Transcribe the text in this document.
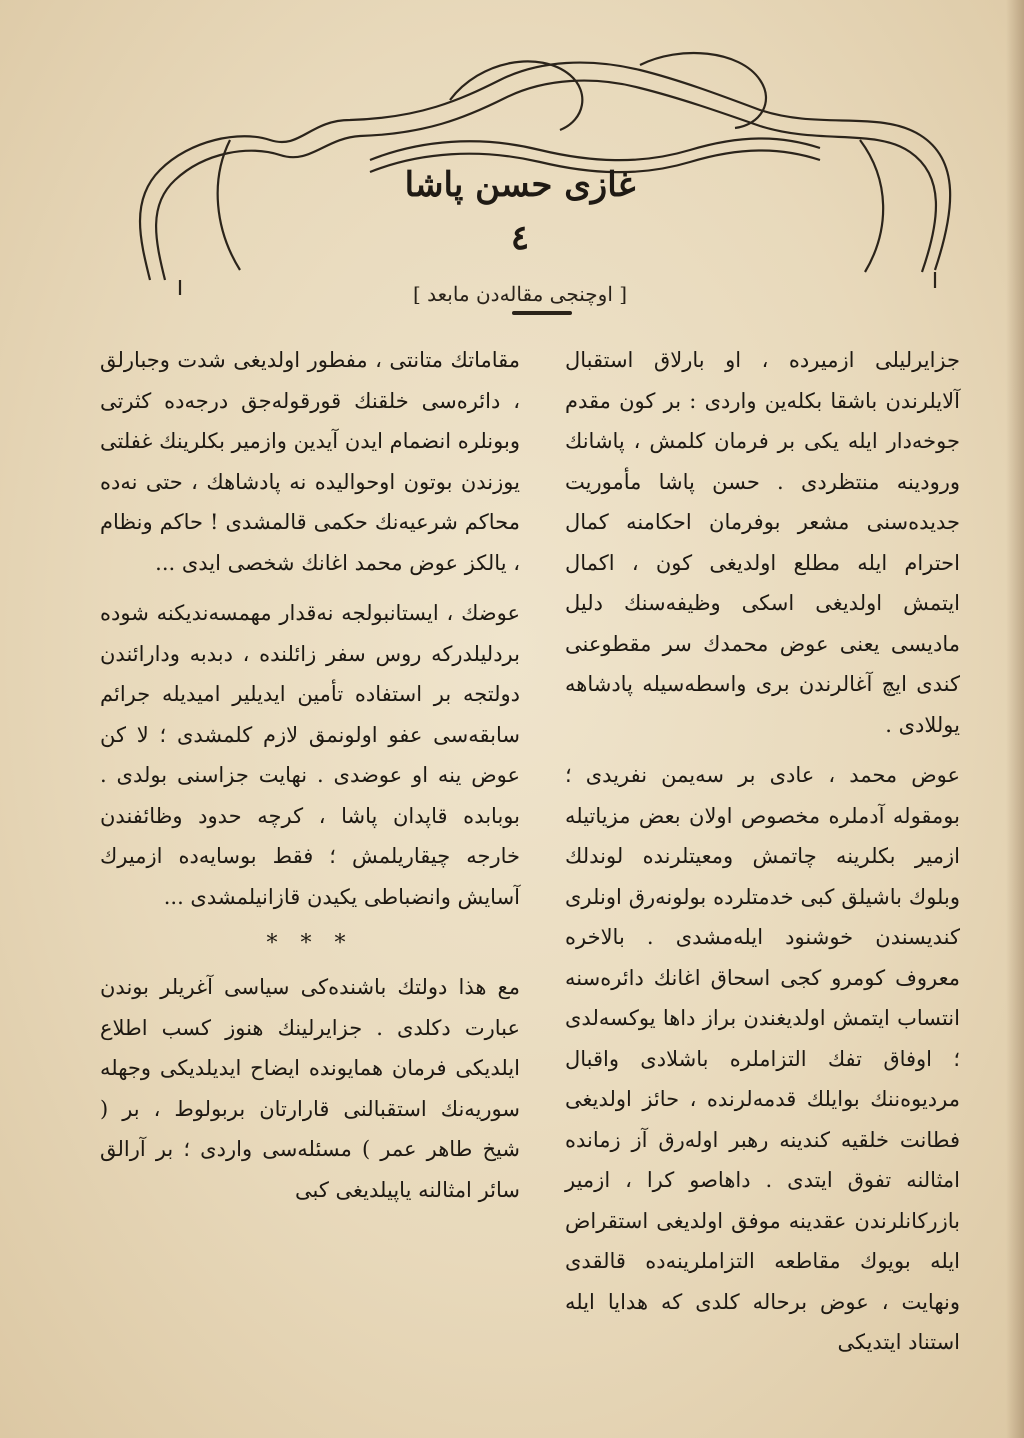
غازی حسن پاشا
٤
[ اوچنجی مقالەدن مابعد ]

جزایرلیلی ازمیردە ، او بارلاق استقبال آلایلرندن باشقا بکلەین واردی : بر کون مقدم جوخەدار ایلە یکی بر فرمان کلمش ، پاشانك ورودینە منتظردی . حسن پاشا مأموریت جدیدەسنی مشعر بوفرمان احکامنە کمال احترام ایلە مطلع اولدیغی کون ، اکمال ایتمش اولدیغی اسکی وظیفەسنك دلیل مادیسی یعنی عوض محمدك سر مقطوعنی کندی ایچ آغالرندن بری واسطەسیلە پادشاهە یوللادی .

عوض محمد ، عادی بر سەیمن نفریدی ؛ بومقولە آدملرە مخصوص اولان بعض مزیاتیلە ازمیر بکلرینە چاتمش ومعیتلرندە لوندلك وبلوك باشیلق کبی خدمتلردە بولونەرق اونلری کندیسندن خوشنود ایلەمشدی . بالاخرە معروف کومرو کجی اسحاق اغانك دائرەسنە انتساب ایتمش اولدیغندن براز داها یوکسەلدی ؛ اوفاق تفك التزاملرە باشلادی واقبال مردیوەننك بوایلك قدمەلرندە ، حائز اولدیغی فطانت خلقیە کندینە رهبر اولەرق آز زماندە امثالنە تفوق ایتدی . داهاصو کرا ، ازمیر بازرکانلرندن عقدینە موفق اولدیغی استقراض ایلە بویوك مقاطعە التزاملرینەدە قالقدی ونهایت ، عوض برحالە کلدی کە هدایا ایلە استناد ایتدیکی

مقاماتك متانتی ، مفطور اولدیغی شدت وجبارلق ، دائرەسی خلقنك قورقولەجق درجەدە کثرتی وبونلرە انضمام ایدن آیدین وازمیر بکلرینك غفلتی یوزندن بوتون اوحوالیدە نە پادشاهك ، حتی نەدە محاکم شرعیەنك حکمی قالمشدی ! حاکم ونظام ، یالکز عوض محمد اغانك شخصی ایدی ...

عوضك ، ایستانبولجە نەقدار مهمسەندیکنە شودە بردلیلدرکە روس سفر زائلندە ، دبدبە ودارائندن دولتجە بر استفادە تأمین ایدیلیر امیدیلە جرائم سابقەسی عفو اولونمق لازم کلمشدی ؛ لا کن عوض ینە او عوضدی . نهایت جزاسنی بولدی . بوبابدە قاپدان پاشا ، کرچە حدود وظائفندن خارجە چیقاریلمش ؛ فقط بوسایەدە ازمیرك آسایش وانضباطی یکیدن قازانیلمشدی ...

* * *

مع هذا دولتك باشندەکی سیاسی آغریلر بوندن عبارت دکلدی . جزایرلینك هنوز کسب اطلاع ایلدیکی فرمان همایوندە ایضاح ایدیلدیکی وجهلە سوریەنك استقبالنی قارارتان بربولوط ، بر ( شیخ طاهر عمر ) مسئلەسی واردی ؛ بر آرالق سائر امثالنە یاپیلدیغی کبی
